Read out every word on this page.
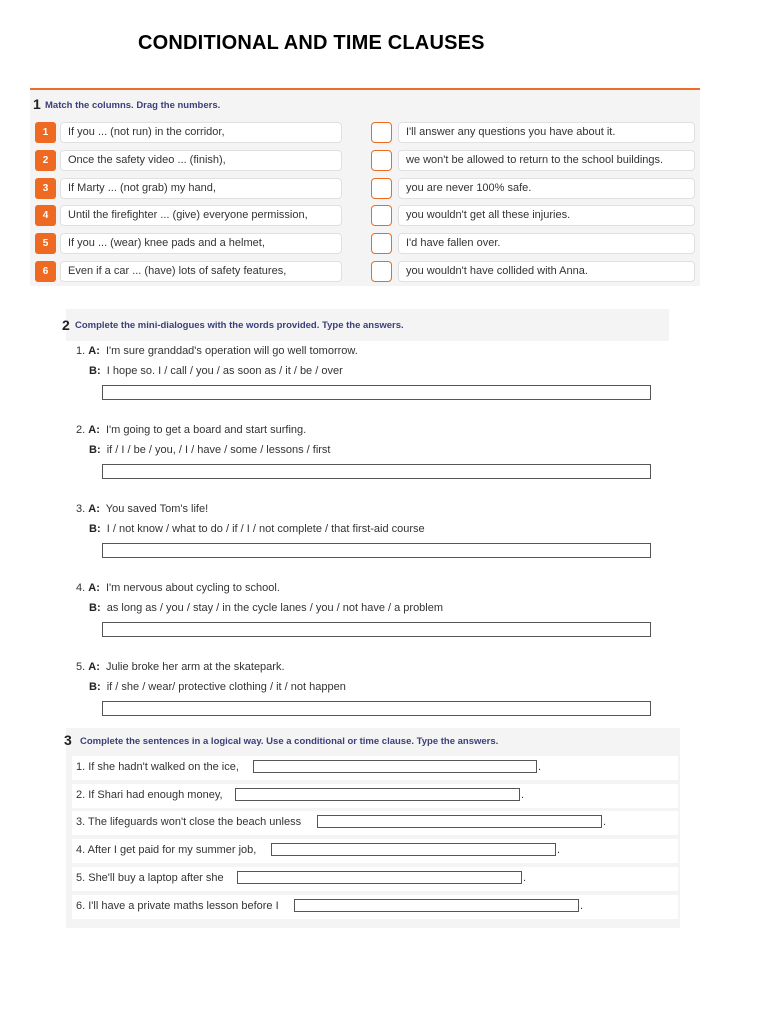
CONDITIONAL AND TIME CLAUSES
1 Match the columns. Drag the numbers.
1	If you ... (not run) in the corridor,	I'll answer any questions you have about it.
2	Once the safety video ... (finish),	we won't be allowed to return to the school buildings.
3	If Marty ... (not grab) my hand,	you are never 100% safe.
4	Until the firefighter ... (give) everyone permission,	you wouldn't get all these injuries.
5	If you ... (wear) knee pads and a helmet,	I'd have fallen over.
6	Even if a car ... (have) lots of safety features,	you wouldn't have collided with Anna.
2 Complete the mini-dialogues with the words provided. Type the answers.
1. A: I'm sure granddad's operation will go well tomorrow.
B: I hope so. I / call / you / as soon as / it / be / over
2. A: I'm going to get a board and start surfing.
B: if / I / be / you, / I / have / some / lessons / first
3. A: You saved Tom's life!
B: I / not know / what to do / if / I / not complete / that first-aid course
4. A: I'm nervous about cycling to school.
B: as long as / you / stay / in the cycle lanes / you / not have / a problem
5. A: Julie broke her arm at the skatepark.
B: if / she / wear/ protective clothing / it / not happen
3 Complete the sentences in a logical way. Use a conditional or time clause. Type the answers.
1. If she hadn't walked on the ice,	.
2. If Shari had enough money,	.
3. The lifeguards won't close the beach unless	.
4. After I get paid for my summer job,	.
5. She'll buy a laptop after she	.
6. I'll have a private maths lesson before I	.
